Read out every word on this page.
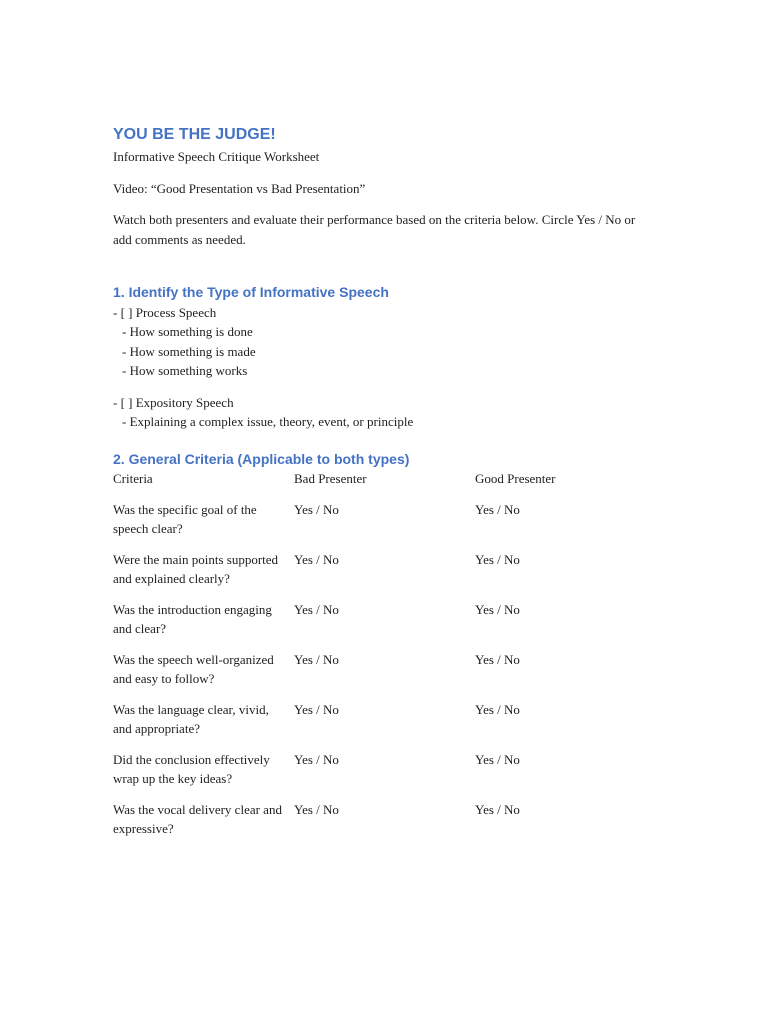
YOU BE THE JUDGE!

Informative Speech Critique Worksheet

Video: “Good Presentation vs Bad Presentation”

Watch both presenters and evaluate their performance based on the criteria below. Circle Yes / No or add comments as needed.

1. Identify the Type of Informative Speech
- [ ] Process Speech
- How something is done
- How something is made
- How something works
- [ ] Expository Speech
- Explaining a complex issue, theory, event, or principle
2. General Criteria (Applicable to both types)
Criteria	Bad Presenter	Good Presenter

Was the specific goal of the speech clear?	Yes / No	Yes / No

Were the main points supported and explained clearly?	Yes / No	Yes / No

Was the introduction engaging and clear?	Yes / No	Yes / No

Was the speech well-organized and easy to follow?	Yes / No	Yes / No

Was the language clear, vivid, and appropriate?	Yes / No	Yes / No

Did the conclusion effectively wrap up the key ideas?	Yes / No	Yes / No

Was the vocal delivery clear and expressive?	Yes / No	Yes / No
